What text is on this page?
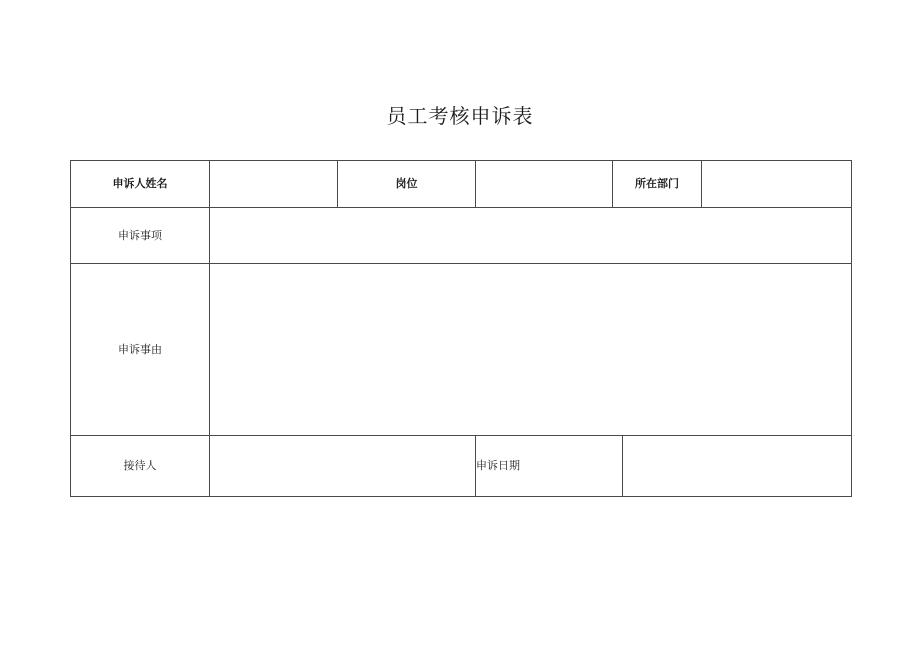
员工考核申诉表
申诉人姓名		岗位		所在部门		
申诉事项						
申诉事由						
接待人			申诉日期			
